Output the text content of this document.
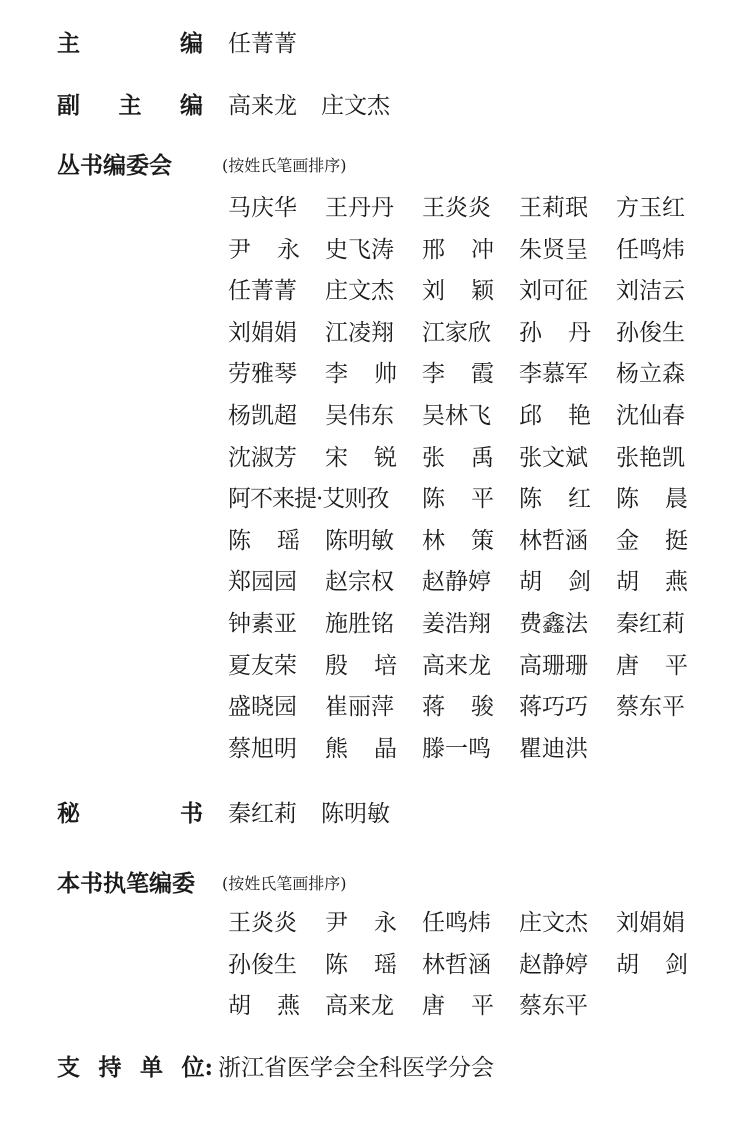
主	编 任菁菁
副 主 编 高来龙 庄文杰
丛书编委会	(按姓氏笔画排序)
马庆华 王丹丹 王炎炎 王莉珉 方玉红
尹 永 史飞涛 邢 冲 朱贤呈 任鸣炜
任菁菁 庄文杰 刘 颖 刘可征 刘洁云
刘娟娟 江凌翔 江家欣 孙 丹 孙俊生
劳雅琴 李 帅 李 霞 李慕军 杨立森
杨凯超 吴伟东 吴林飞 邱 艳 沈仙春
沈淑芳 宋 锐 张 禹 张文斌 张艳凯
阿不来提·艾则孜 陈 平 陈 红 陈 晨
陈 瑶 陈明敏 林 策 林哲涵 金 挺
郑园园 赵宗权 赵静婷 胡 剑 胡 燕
钟素亚 施胜铭 姜浩翔 费鑫法 秦红莉
夏友荣 殷 培 高来龙 高珊珊 唐 平
盛晓园 崔丽萍 蒋 骏 蒋巧巧 蔡东平
蔡旭明 熊 晶 滕一鸣 瞿迪洪
秘	书 秦红莉 陈明敏
本书执笔编委 (按姓氏笔画排序)
王炎炎 尹 永 任鸣炜 庄文杰 刘娟娟
孙俊生 陈 瑶 林哲涵 赵静婷 胡 剑
胡 燕 高来龙 唐 平 蔡东平
支 持 单 位: 浙江省医学会全科医学分会
